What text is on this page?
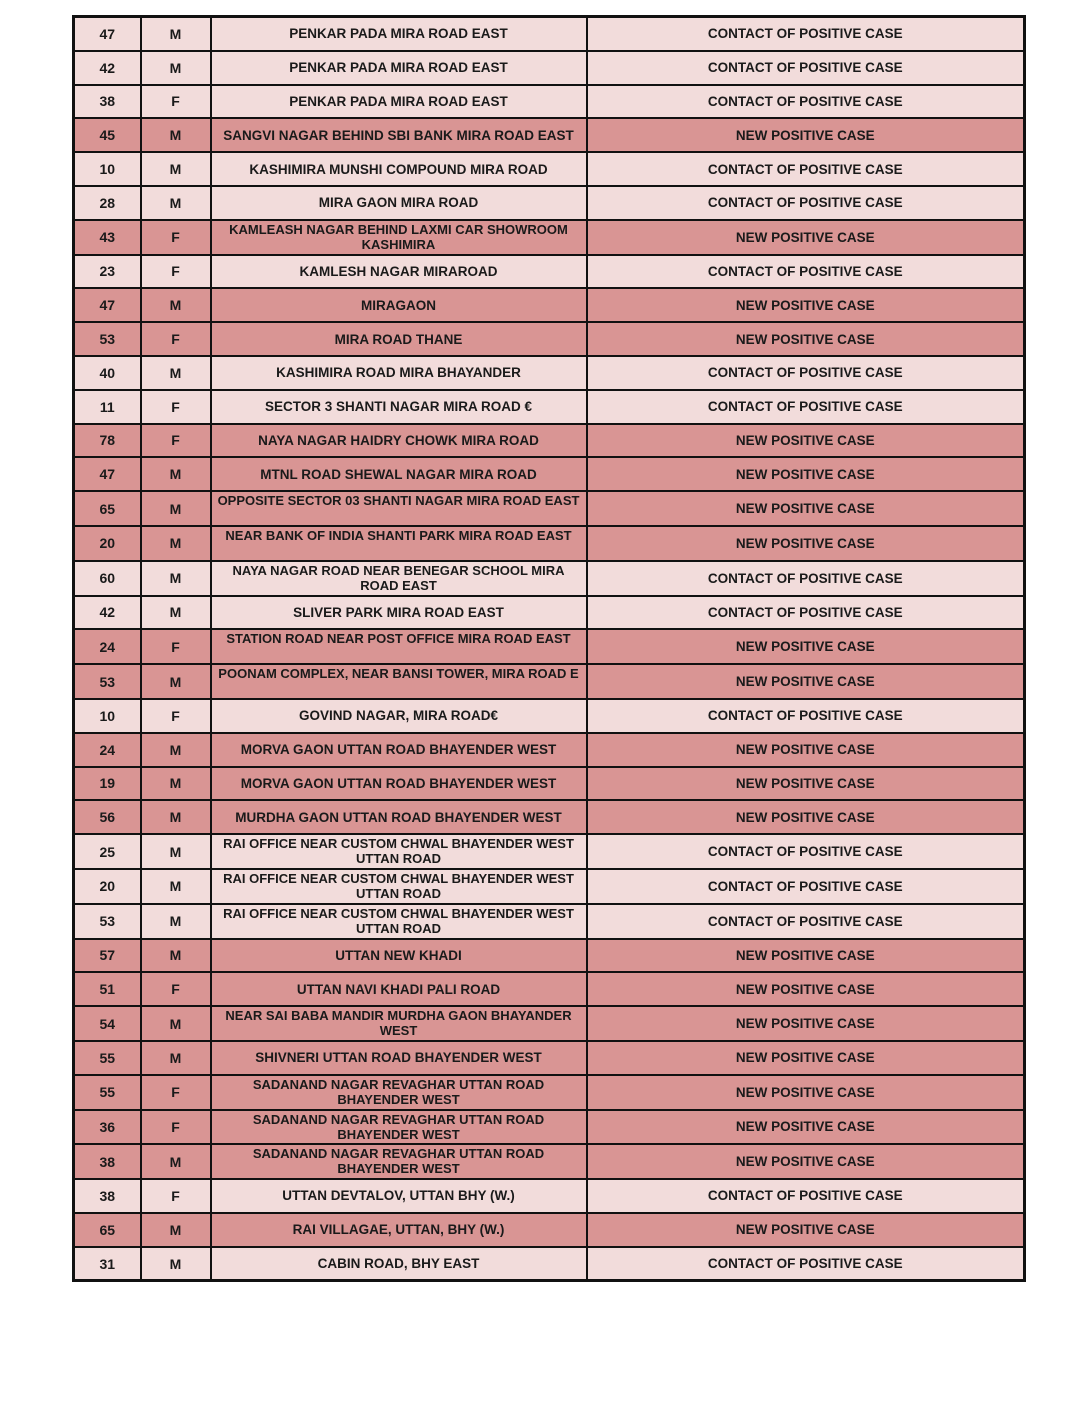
47	M	PENKAR PADA MIRA ROAD EAST	CONTACT OF POSITIVE CASE
42	M	PENKAR PADA MIRA ROAD EAST	CONTACT OF POSITIVE CASE
38	F	PENKAR PADA MIRA ROAD EAST	CONTACT OF POSITIVE CASE
45	M	SANGVI NAGAR BEHIND SBI BANK MIRA ROAD EAST	NEW POSITIVE CASE
10	M	KASHIMIRA MUNSHI COMPOUND MIRA ROAD	CONTACT OF POSITIVE CASE
28	M	MIRA GAON MIRA ROAD	CONTACT OF POSITIVE CASE
43	F	KAMLEASH NAGAR BEHIND LAXMI CAR SHOWROOM KASHIMIRA	NEW POSITIVE CASE
23	F	KAMLESH NAGAR MIRAROAD	CONTACT OF POSITIVE CASE
47	M	MIRAGAON	NEW POSITIVE CASE
53	F	MIRA ROAD THANE	NEW POSITIVE CASE
40	M	KASHIMIRA ROAD MIRA BHAYANDER	CONTACT OF POSITIVE CASE
11	F	SECTOR 3 SHANTI NAGAR MIRA ROAD €	CONTACT OF POSITIVE CASE
78	F	NAYA NAGAR HAIDRY CHOWK MIRA ROAD	NEW POSITIVE CASE
47	M	MTNL ROAD SHEWAL NAGAR MIRA ROAD	NEW POSITIVE CASE
65	M	OPPOSITE SECTOR 03 SHANTI NAGAR MIRA ROAD EAST	NEW POSITIVE CASE
20	M	NEAR BANK OF INDIA SHANTI PARK MIRA ROAD EAST	NEW POSITIVE CASE
60	M	NAYA NAGAR ROAD NEAR BENEGAR SCHOOL MIRA ROAD EAST	CONTACT OF POSITIVE CASE
42	M	SLIVER PARK MIRA ROAD EAST	CONTACT OF POSITIVE CASE
24	F	STATION ROAD NEAR POST OFFICE MIRA ROAD EAST	NEW POSITIVE CASE
53	M	POONAM COMPLEX, NEAR BANSI TOWER, MIRA ROAD E	NEW POSITIVE CASE
10	F	GOVIND NAGAR, MIRA ROAD€	CONTACT OF POSITIVE CASE
24	M	MORVA GAON UTTAN ROAD BHAYENDER WEST	NEW POSITIVE CASE
19	M	MORVA GAON UTTAN ROAD BHAYENDER WEST	NEW POSITIVE CASE
56	M	MURDHA GAON UTTAN ROAD BHAYENDER WEST	NEW POSITIVE CASE
25	M	RAI OFFICE NEAR CUSTOM CHWAL BHAYENDER WEST UTTAN ROAD	CONTACT OF POSITIVE CASE
20	M	RAI OFFICE NEAR CUSTOM CHWAL BHAYENDER WEST UTTAN ROAD	CONTACT OF POSITIVE CASE
53	M	RAI OFFICE NEAR CUSTOM CHWAL BHAYENDER WEST UTTAN ROAD	CONTACT OF POSITIVE CASE
57	M	UTTAN NEW KHADI	NEW POSITIVE CASE
51	F	UTTAN NAVI KHADI PALI ROAD	NEW POSITIVE CASE
54	M	NEAR SAI BABA MANDIR MURDHA GAON BHAYANDER WEST	NEW POSITIVE CASE
55	M	SHIVNERI UTTAN ROAD BHAYENDER WEST	NEW POSITIVE CASE
55	F	SADANAND NAGAR REVAGHAR UTTAN ROAD BHAYENDER WEST	NEW POSITIVE CASE
36	F	SADANAND NAGAR REVAGHAR UTTAN ROAD BHAYENDER WEST	NEW POSITIVE CASE
38	M	SADANAND NAGAR REVAGHAR UTTAN ROAD BHAYENDER WEST	NEW POSITIVE CASE
38	F	UTTAN DEVTALOV, UTTAN BHY (W.)	CONTACT OF POSITIVE CASE
65	M	RAI VILLAGAE, UTTAN, BHY (W.)	NEW POSITIVE CASE
31	M	CABIN ROAD, BHY EAST	CONTACT OF POSITIVE CASE
